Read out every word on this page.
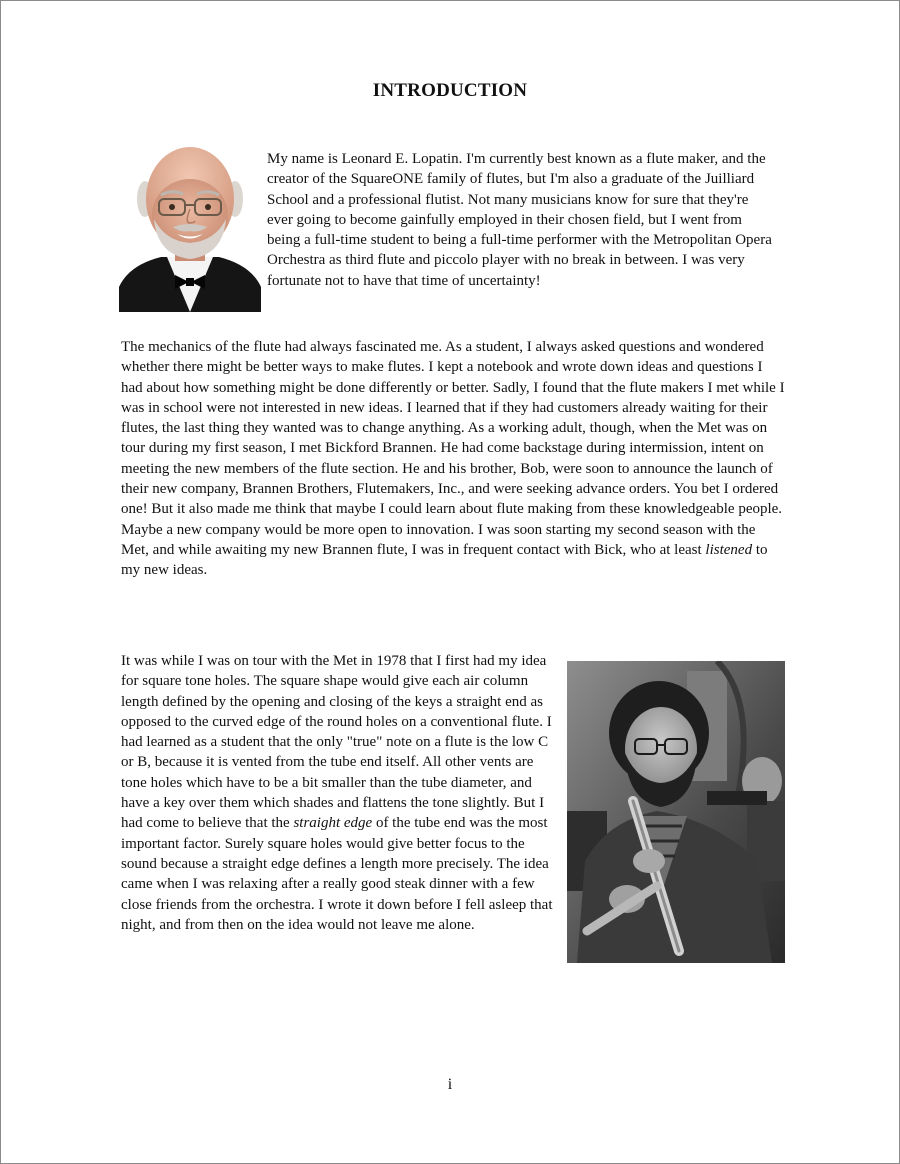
INTRODUCTION

My name is Leonard E. Lopatin. I'm currently best known as a flute maker, and the creator of the SquareONE family of flutes, but I'm also a graduate of the Juilliard School and a professional flutist. Not many musicians know for sure that they're ever going to become gainfully employed in their chosen field, but I went from being a full-time student to being a full-time performer with the Metropolitan Opera Orchestra as third flute and piccolo player with no break in between. I was very fortunate not to have that time of uncertainty!

The mechanics of the flute had always fascinated me. As a student, I always asked questions and wondered whether there might be better ways to make flutes. I kept a notebook and wrote down ideas and questions I had about how something might be done differently or better. Sadly, I found that the flute makers I met while I was in school were not interested in new ideas. I learned that if they had customers already waiting for their flutes, the last thing they wanted was to change anything. As a working adult, though, when the Met was on tour during my first season, I met Bickford Brannen. He had come backstage during intermission, intent on meeting the new members of the flute section. He and his brother, Bob, were soon to announce the launch of their new company, Brannen Brothers, Flutemakers, Inc., and were seeking advance orders. You bet I ordered one! But it also made me think that maybe I could learn about flute making from these knowledgeable people. Maybe a new company would be more open to innovation. I was soon starting my second season with the Met, and while awaiting my new Brannen flute, I was in frequent contact with Bick, who at least listened to my new ideas.

It was while I was on tour with the Met in 1978 that I first had my idea for square tone holes. The square shape would give each air column length defined by the opening and closing of the keys a straight end as opposed to the curved edge of the round holes on a conventional flute. I had learned as a student that the only "true" note on a flute is the low C or B, because it is vented from the tube end itself. All other vents are tone holes which have to be a bit smaller than the tube diameter, and have a key over them which shades and flattens the tone slightly. But I had come to believe that the straight edge of the tube end was the most important factor. Surely square holes would give better focus to the sound because a straight edge defines a length more precisely. The idea came when I was relaxing after a really good steak dinner with a few close friends from the orchestra. I wrote it down before I fell asleep that night, and from then on the idea would not leave me alone.

i
